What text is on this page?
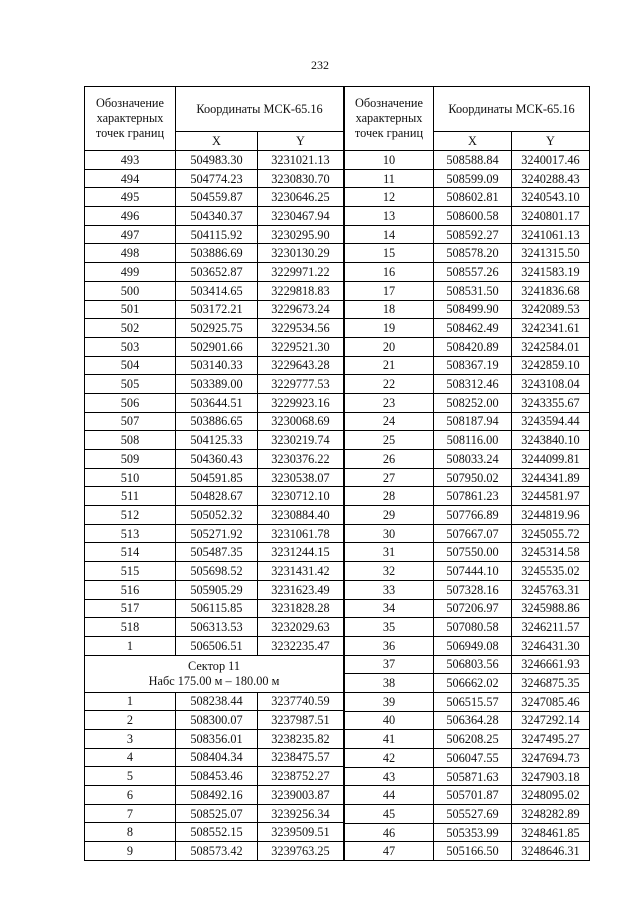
232
Обозначение
характерных
точек границ	Координаты МСК-65.16	
	X	Y
493	504983.30	3231021.13
494	504774.23	3230830.70
495	504559.87	3230646.25
496	504340.37	3230467.94
497	504115.92	3230295.90
498	503886.69	3230130.29
499	503652.87	3229971.22
500	503414.65	3229818.83
501	503172.21	3229673.24
502	502925.75	3229534.56
503	502901.66	3229521.30
504	503140.33	3229643.28
505	503389.00	3229777.53
506	503644.51	3229923.16
507	503886.65	3230068.69
508	504125.33	3230219.74
509	504360.43	3230376.22
510	504591.85	3230538.07
511	504828.67	3230712.10
512	505052.32	3230884.40
513	505271.92	3231061.78
514	505487.35	3231244.15
515	505698.52	3231431.42
516	505905.29	3231623.49
517	506115.85	3231828.28
518	506313.53	3232029.63
1	506506.51	3232235.47
Сектор 11
Набс 175.00 м – 180.00 м		
1	508238.44	3237740.59
2	508300.07	3237987.51
3	508356.01	3238235.82
4	508404.34	3238475.57
5	508453.46	3238752.27
6	508492.16	3239003.87
7	508525.07	3239256.34
8	508552.15	3239509.51
9	508573.42	3239763.25
Обозначение
характерных
точек границ	Координаты МСК-65.16	
	X	Y
10	508588.84	3240017.46
11	508599.09	3240288.43
12	508602.81	3240543.10
13	508600.58	3240801.17
14	508592.27	3241061.13
15	508578.20	3241315.50
16	508557.26	3241583.19
17	508531.50	3241836.68
18	508499.90	3242089.53
19	508462.49	3242341.61
20	508420.89	3242584.01
21	508367.19	3242859.10
22	508312.46	3243108.04
23	508252.00	3243355.67
24	508187.94	3243594.44
25	508116.00	3243840.10
26	508033.24	3244099.81
27	507950.02	3244341.89
28	507861.23	3244581.97
29	507766.89	3244819.96
30	507667.07	3245055.72
31	507550.00	3245314.58
32	507444.10	3245535.02
33	507328.16	3245763.31
34	507206.97	3245988.86
35	507080.58	3246211.57
36	506949.08	3246431.30
37	506803.56	3246661.93
38	506662.02	3246875.35
39	506515.57	3247085.46
40	506364.28	3247292.14
41	506208.25	3247495.27
42	506047.55	3247694.73
43	505871.63	3247903.18
44	505701.87	3248095.02
45	505527.69	3248282.89
46	505353.99	3248461.85
47	505166.50	3248646.31
